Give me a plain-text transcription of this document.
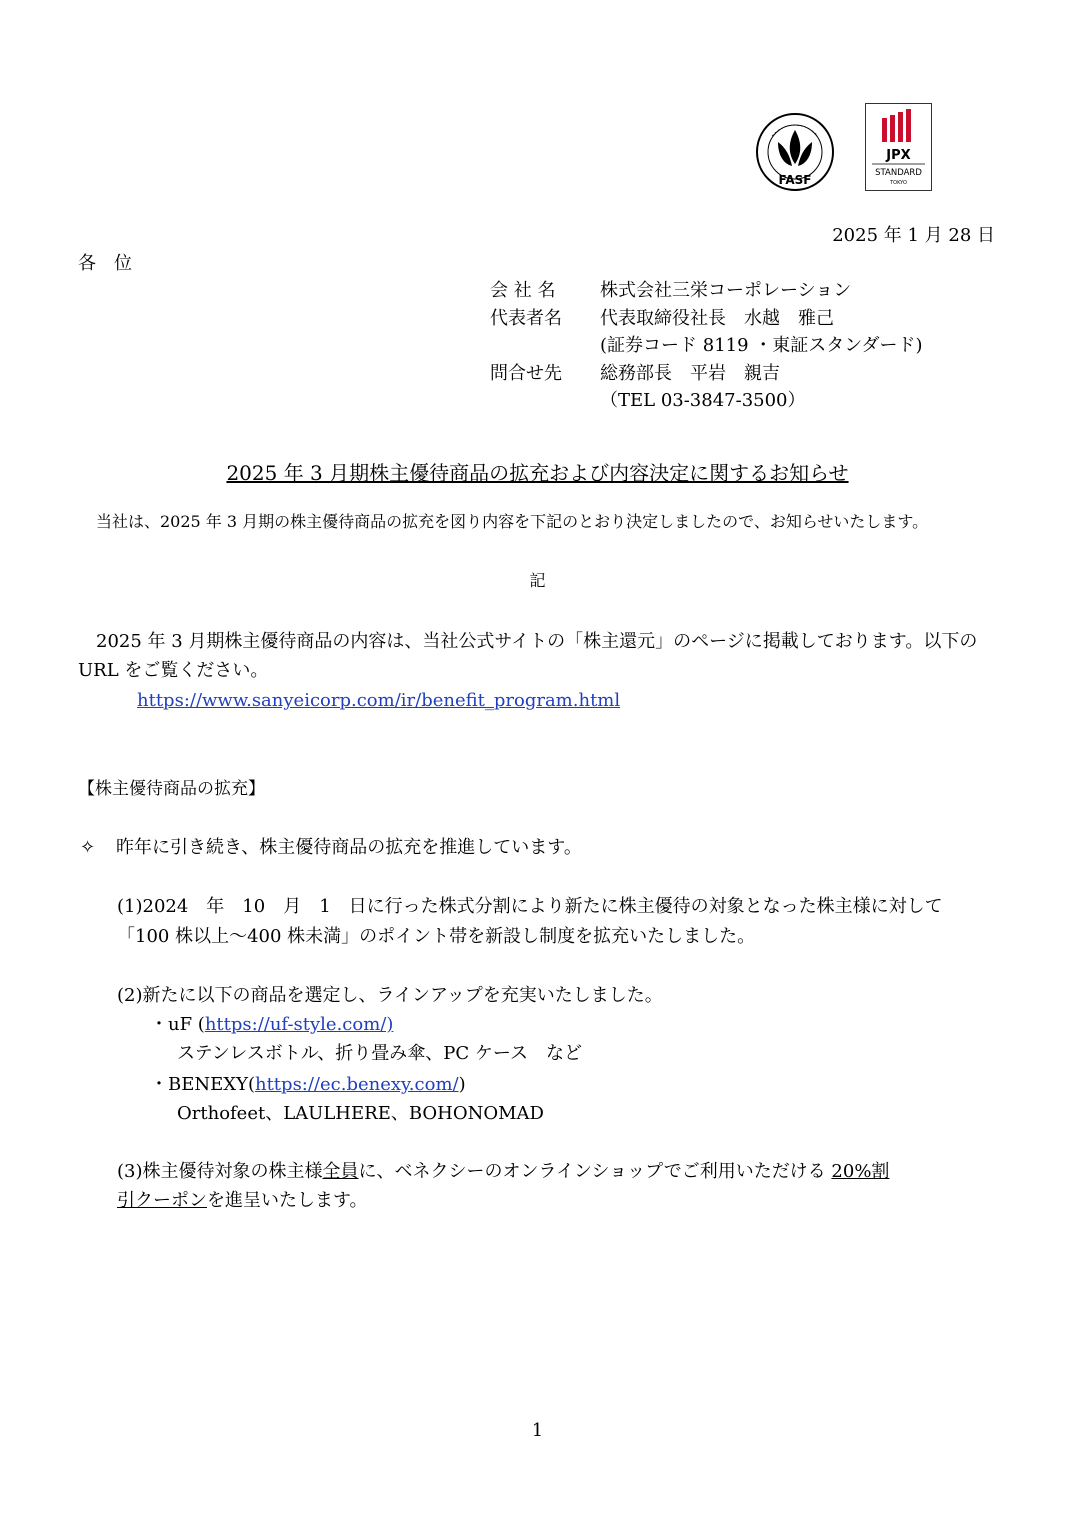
FASF
JPX
STANDARD
TOKYO
2025 年 1 月 28 日
各　位
会 社 名 株式会社三栄コーポレーション
代表者名 代表取締役社長　水越　雅己
(証券コード 8119 ・東証スタンダード)
問合せ先 総務部長　平岩　親吉
（TEL 03-3847-3500）
2025 年 3 月期株主優待商品の拡充および内容決定に関するお知らせ
当社は、2025 年 3 月期の株主優待商品の拡充を図り内容を下記のとおり決定しましたので、お知らせいたします。
記
2025 年 3 月期株主優待商品の内容は、当社公式サイトの「株主還元」のページに掲載しております。以下の
URL をご覧ください。
https://www.sanyeicorp.com/ir/benefit_program.html
【株主優待商品の拡充】
✧ 昨年に引き続き、株主優待商品の拡充を推進しています。
(1)2024　年　10　月　1　日に行った株式分割により新たに株主優待の対象となった株主様に対して
「100 株以上～400 株未満」のポイント帯を新設し制度を拡充いたしました。
(2)新たに以下の商品を選定し、ラインアップを充実いたしました。
・uF (https://uf-style.com/)
ステンレスボトル、折り畳み傘、PC ケース　など
・BENEXY(https://ec.benexy.com/)
Orthofeet、LAULHERE、BOHONOMAD
(3)株主優待対象の株主様全員に、ベネクシーのオンラインショップでご利用いただける 20%割
引クーポンを進呈いたします。
1
